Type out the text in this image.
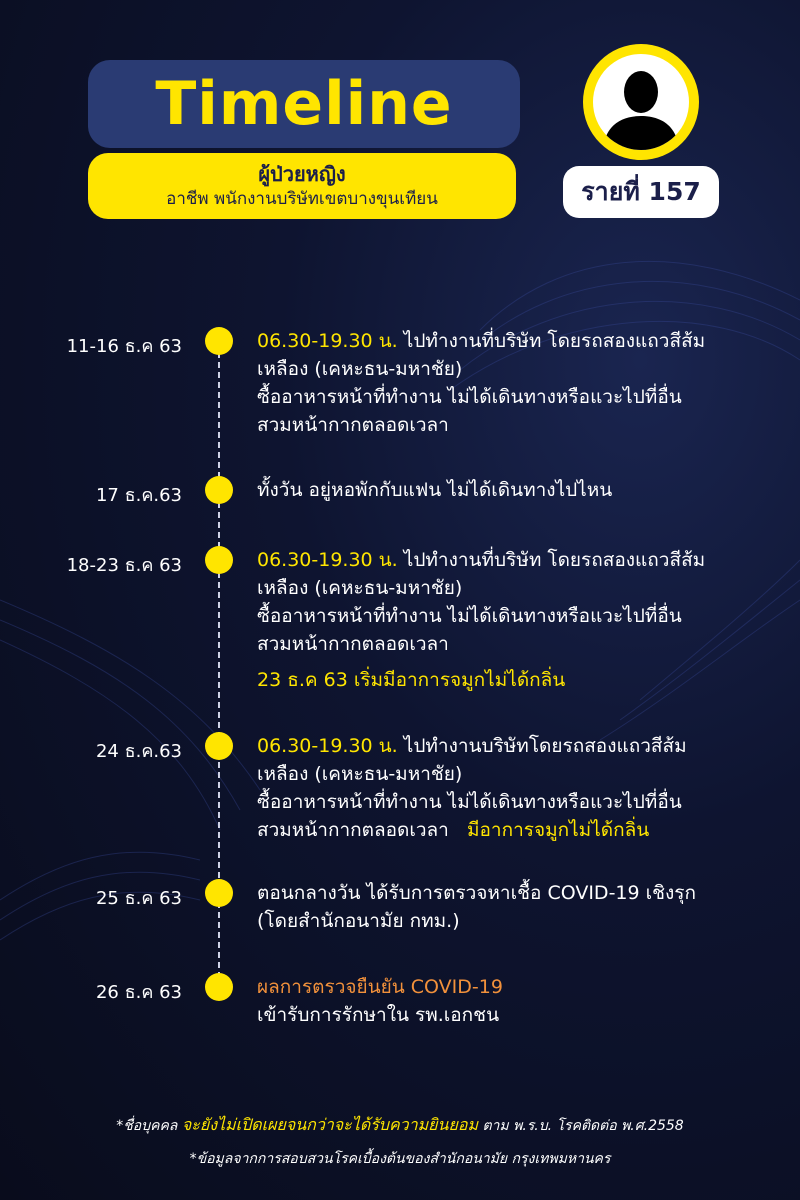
Timeline
ผู้ป่วยหญิง
อาชีพ พนักงานบริษัทเขตบางขุนเทียน	รายที่ 157
11-16 ธ.ค 63	06.30-19.30 น. ไปทำงานที่บริษัท โดยรถสองแถวสีส้ม
เหลือง (เคหะธน-มหาชัย)
ซื้ออาหารหน้าที่ทำงาน ไม่ได้เดินทางหรือแวะไปที่อื่น
สวมหน้ากากตลอดเวลา
17 ธ.ค.63	ทั้งวัน อยู่หอพักกับแฟน ไม่ได้เดินทางไปไหน
18-23 ธ.ค 63	06.30-19.30 น. ไปทำงานที่บริษัท โดยรถสองแถวสีส้ม
เหลือง (เคหะธน-มหาชัย)
ซื้ออาหารหน้าที่ทำงาน ไม่ได้เดินทางหรือแวะไปที่อื่น
สวมหน้ากากตลอดเวลา
23 ธ.ค 63 เริ่มมีอาการจมูกไม่ได้กลิ่น
24 ธ.ค.63	06.30-19.30 น. ไปทำงานบริษัทโดยรถสองแถวสีส้ม
เหลือง (เคหะธน-มหาชัย)
ซื้ออาหารหน้าที่ทำงาน ไม่ได้เดินทางหรือแวะไปที่อื่น
สวมหน้ากากตลอดเวลา มีอาการจมูกไม่ได้กลิ่น
25 ธ.ค 63	ตอนกลางวัน ได้รับการตรวจหาเชื้อ COVID-19 เชิงรุก
(โดยสำนักอนามัย กทม.)
26 ธ.ค 63	ผลการตรวจยืนยัน COVID-19
เข้ารับการรักษาใน รพ.เอกชน
*ชื่อบุคคล จะยังไม่เปิดเผยจนกว่าจะได้รับความยินยอม ตาม พ.ร.บ. โรคติดต่อ พ.ศ.2558
*ข้อมูลจากการสอบสวนโรคเบื้องต้นของสำนักอนามัย กรุงเทพมหานคร
